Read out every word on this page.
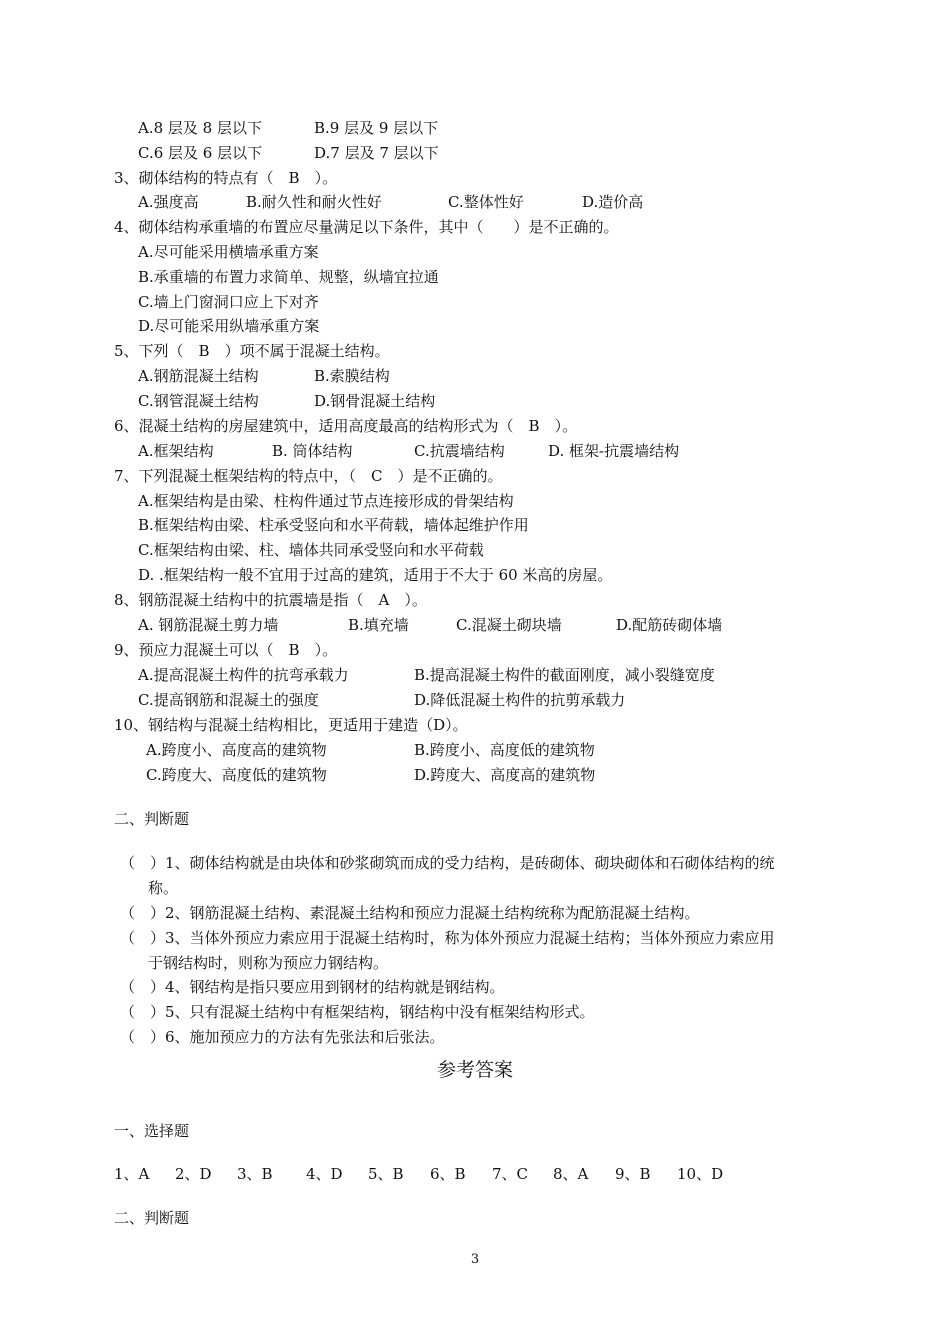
A.8 层及 8 层以下	B.9 层及 9 层以下
C.6 层及 6 层以下	D.7 层及 7 层以下
3、砌体结构的特点有（　B　）。
A.强度高	B.耐久性和耐火性好	C.整体性好	D.造价高
4、砌体结构承重墙的布置应尽量满足以下条件，其中（　　）是不正确的。
A.尽可能采用横墙承重方案
B.承重墙的布置力求简单、规整，纵墙宜拉通
C.墙上门窗洞口应上下对齐
D.尽可能采用纵墙承重方案
5、下列（　B　）项不属于混凝土结构。
A.钢筋混凝土结构	B.索膜结构
C.钢管混凝土结构	D.钢骨混凝土结构
6、混凝土结构的房屋建筑中，适用高度最高的结构形式为（　B　）。
A.框架结构	B. 筒体结构	C.抗震墙结构	D. 框架-抗震墙结构
7、下列混凝土框架结构的特点中，（　C　）是不正确的。
A.框架结构是由梁、柱构件通过节点连接形成的骨架结构
B.框架结构由梁、柱承受竖向和水平荷载，墙体起维护作用
C.框架结构由梁、柱、墙体共同承受竖向和水平荷载
D. .框架结构一般不宜用于过高的建筑，适用于不大于 60 米高的房屋。
8、钢筋混凝土结构中的抗震墙是指（　A　）。
A. 钢筋混凝土剪力墙	B.填充墙	C.混凝土砌块墙	D.配筋砖砌体墙
9、预应力混凝土可以（　B　）。
A.提高混凝土构件的抗弯承载力	B.提高混凝土构件的截面刚度，减小裂缝宽度
C.提高钢筋和混凝土的强度	D.降低混凝土构件的抗剪承载力
10、钢结构与混凝土结构相比，更适用于建造（D）。
A.跨度小、高度高的建筑物	B.跨度小、高度低的建筑物
C.跨度大、高度低的建筑物	D.跨度大、高度高的建筑物
二、判断题
（　）1、砌体结构就是由块体和砂浆砌筑而成的受力结构，是砖砌体、砌块砌体和石砌体结构的统
称。
（　）2、钢筋混凝土结构、素混凝土结构和预应力混凝土结构统称为配筋混凝土结构。
（　）3、当体外预应力索应用于混凝土结构时，称为体外预应力混凝土结构；当体外预应力索应用
于钢结构时，则称为预应力钢结构。
（　）4、钢结构是指只要应用到钢材的结构就是钢结构。
（　）5、只有混凝土结构中有框架结构，钢结构中没有框架结构形式。
（　）6、施加预应力的方法有先张法和后张法。
参考答案
一、选择题
1、A 2、D 3、B 4、D 5、B 6、B 7、C 8、A 9、B 10、D
二、判断题
3
